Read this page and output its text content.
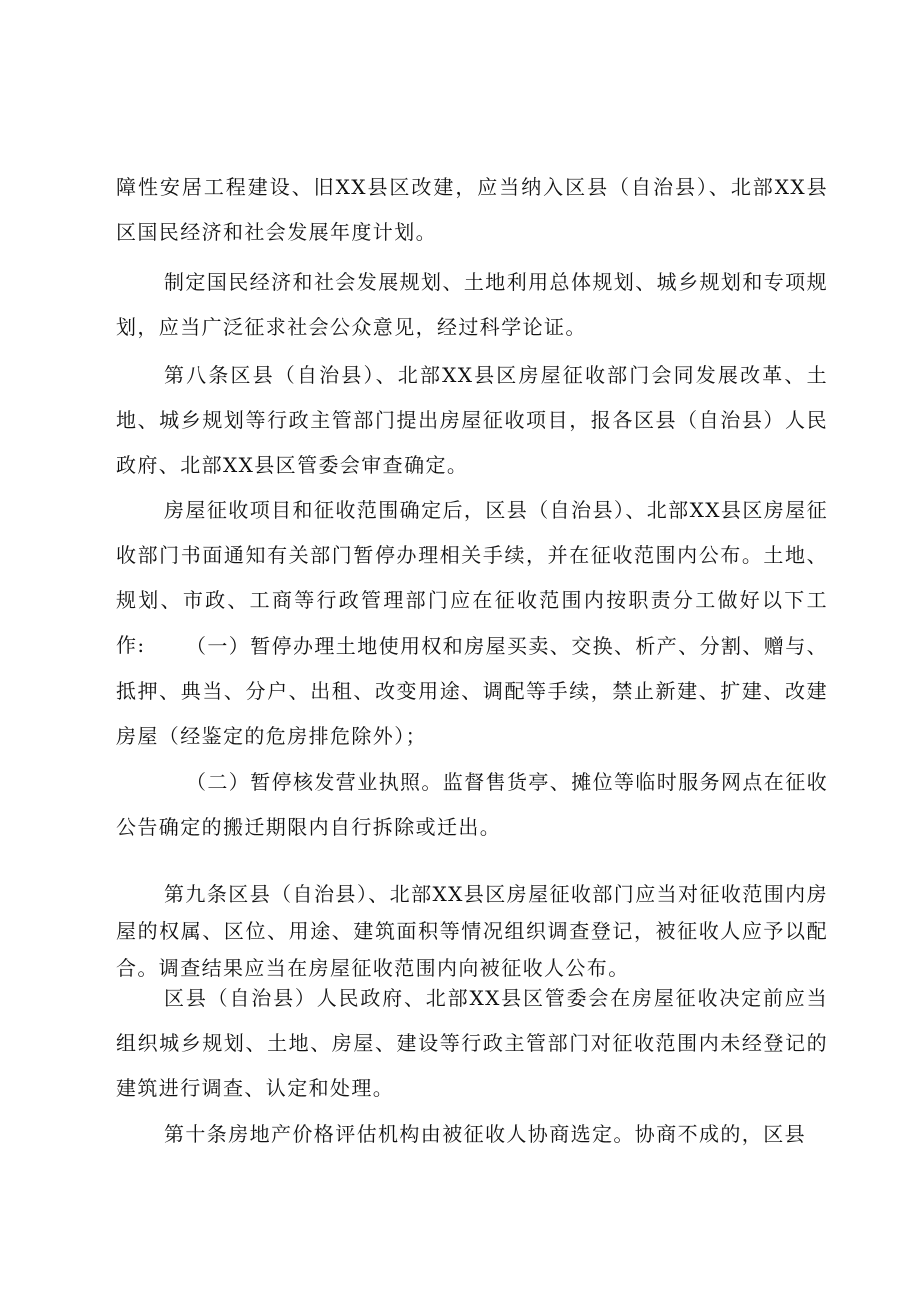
障性安居工程建设、旧XX县区改建，应当纳入区县（自治县）、北部XX县区国民经济和社会发展年度计划。

制定国民经济和社会发展规划、土地利用总体规划、城乡规划和专项规划，应当广泛征求社会公众意见，经过科学论证。

第八条区县（自治县）、北部XX县区房屋征收部门会同发展改革、土地、城乡规划等行政主管部门提出房屋征收项目，报各区县（自治县）人民政府、北部XX县区管委会审查确定。

房屋征收项目和征收范围确定后，区县（自治县）、北部XX县区房屋征收部门书面通知有关部门暂停办理相关手续，并在征收范围内公布。土地、规划、市政、工商等行政管理部门应在征收范围内按职责分工做好以下工作:	（一）暂停办理土地使用权和房屋买卖、交换、析产、分割、赠与、抵押、典当、分户、出租、改变用途、调配等手续，禁止新建、扩建、改建房屋（经鉴定的危房排危除外）；

（二）暂停核发营业执照。监督售货亭、摊位等临时服务网点在征收公告确定的搬迁期限内自行拆除或迁出。

第九条区县（自治县）、北部XX县区房屋征收部门应当对征收范围内房屋的权属、区位、用途、建筑面积等情况组织调查登记，被征收人应予以配合。调查结果应当在房屋征收范围内向被征收人公布。

区县（自治县）人民政府、北部XX县区管委会在房屋征收决定前应当组织城乡规划、土地、房屋、建设等行政主管部门对征收范围内未经登记的建筑进行调查、认定和处理。

第十条房地产价格评估机构由被征收人协商选定。协商不成的，区县
